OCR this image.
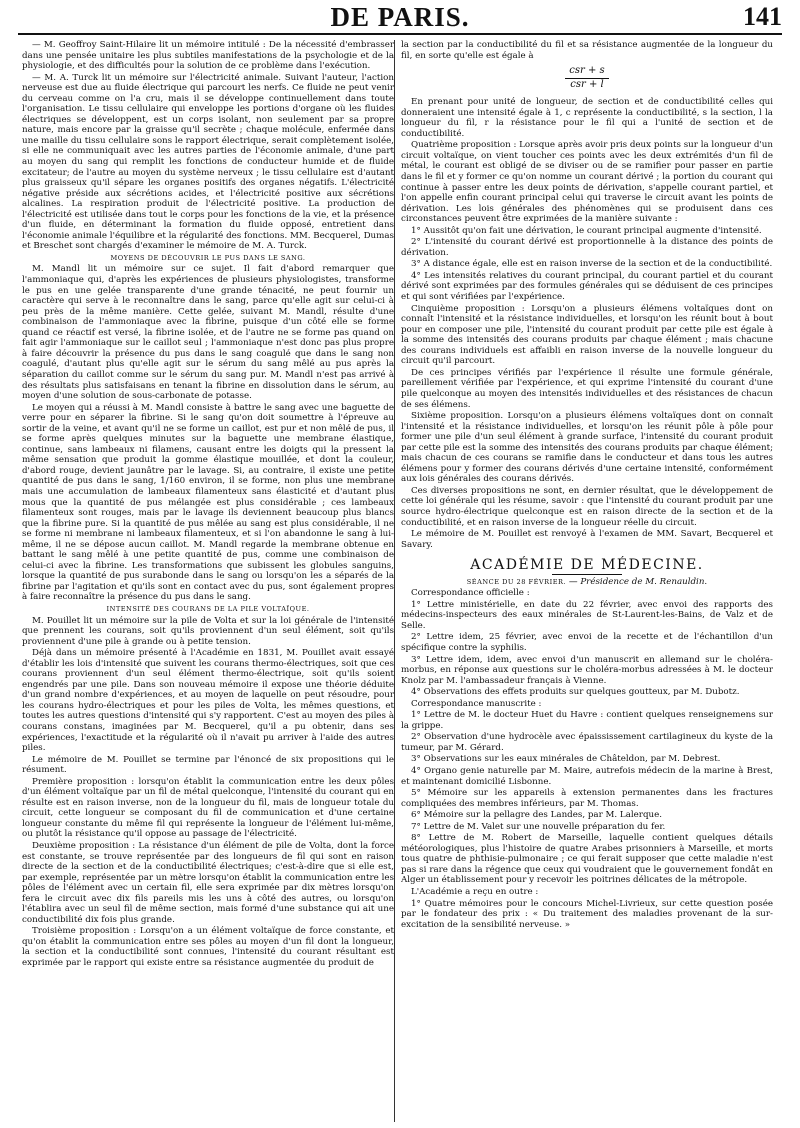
DE PARIS.	141

— M. Geoffroy Saint-Hilaire lit un mémoire intitulé : De la nécessité d'embrasser dans une pensée unitaire les plus subtiles manifestations de la psychologie et de la physiologie, et des difficultés pour la solution de ce problème dans l'exécution.

— M. A. Turck lit un mémoire sur l'électricité animale. Suivant l'auteur, l'action nerveuse est due au fluide électrique qui parcourt les nerfs. Ce fluide ne peut venir du cerveau comme on l'a cru, mais il se développe continuellement dans toute l'organisation. Le tissu cellulaire qui enveloppe les portions d'organe où les fluides électriques se développent, est un corps isolant, non seulement par sa propre nature, mais encore par la graisse qu'il secrète ; chaque molécule, enfermée dans une maille du tissu cellulaire sons le rapport électrique, serait complètement isolée, si elle ne communiquait avec les autres parties de l'économie animale, d'une part au moyen du sang qui remplit les fonctions de conducteur humide et de fluide excitateur; de l'autre au moyen du système nerveux ; le tissu cellulaire est d'autant plus graisseux qu'il sépare les organes positifs des organes négatifs. L'électricité négative préside aux sécrétions acides, et l'électricité positive aux sécrétions alcalines. La respiration produit de l'électricité positive. La production de l'électricité est utilisée dans tout le corps pour les fonctions de la vie, et la présence d'un fluide, en déterminant la formation du fluide opposé, entretient dans l'économie animale l'équilibre et la régularité des fonctions. MM. Becquerel, Dumas et Breschet sont chargés d'examiner le mémoire de M. A. Turck.

MOYENS DE DÉCOUVRIR LE PUS DANS LE SANG.

M. Mandl lit un mémoire sur ce sujet. Il fait d'abord remarquer que l'ammoniaque qui, d'après les expériences de plusieurs physiologistes, transforme le pus en une gelée transparente d'une grande ténacité, ne peut fournir un caractère qui serve à le reconnaître dans le sang, parce qu'elle agit sur celui-ci à peu près de la même manière. Cette gelée, suivant M. Mandl, résulte d'une combinaison de l'ammoniaque avec la fibrine, puisque d'un côté elle se forme quand ce réactif est versé, la fibrine isolée, et de l'autre ne se forme pas quand on fait agir l'ammoniaque sur le caillot seul ; l'ammoniaque n'est donc pas plus propre à faire découvrir la présence du pus dans le sang coagulé que dans le sang non coagulé, d'autant plus qu'elle agit sur le sérum du sang mêlé au pus après la séparation du caillot comme sur le sérum du sang pur. M. Mandl n'est pas arrivé à des résultats plus satisfaisans en tenant la fibrine en dissolution dans le sérum, au moyen d'une solution de sous-carbonate de potasse.

Le moyen qui a réussi à M. Mandl consiste à battre le sang avec une baguette de verre pour en séparer la fibrine. Si le sang qu'on doit soumettre à l'épreuve au sortir de la veine, et avant qu'il ne se forme un caillot, est pur et non mêlé de pus, il se forme après quelques minutes sur la baguette une membrane élastique, continue, sans lambeaux ni filamens, causant entre les doigts qui la pressent la même sensation que produit la gomme élastique mouillée, et dont la couleur, d'abord rouge, devient jaunâtre par le lavage. Si, au contraire, il existe une petite quantité de pus dans le sang, 1/160 environ, il se forme, non plus une membrane mais une accumulation de lambeaux filamenteux sans élasticité et d'autant plus mous que la quantité de pus mélangée est plus considérable ; ces lambeaux filamenteux sont rouges, mais par le lavage ils deviennent beaucoup plus blancs que la fibrine pure. Si la quantité de pus mêlée au sang est plus considérable, il ne se forme ni membrane ni lambeaux filamenteux, et si l'on abandonne le sang à lui-même, il ne se dépose aucun caillot. M. Mandl regarde la membrane obtenue en battant le sang mêlé à une petite quantité de pus, comme une combinaison de celui-ci avec la fibrine. Les transformations que subissent les globules sanguins, lorsque la quantité de pus surabonde dans le sang ou lorsqu'on les a séparés de la fibrine par l'agitation et qu'ils sont en contact avec du pus, sont également propres à faire reconnaître la présence du pus dans le sang.

INTENSITÉ DES COURANS DE LA PILE VOLTAÏQUE.

M. Pouillet lit un mémoire sur la pile de Volta et sur la loi générale de l'intensité que prennent les courans, soit qu'ils proviennent d'un seul élément, soit qu'ils proviennent d'une pile à grande ou à petite tension.

Déjà dans un mémoire présenté à l'Académie en 1831, M. Pouillet avait essayé d'établir les lois d'intensité que suivent les courans thermo-électriques, soit que ces courans proviennent d'un seul élément thermo-électrique, soit qu'ils soient engendrés par une pile. Dans son nouveau mémoire il expose une théorie déduite d'un grand nombre d'expériences, et au moyen de laquelle on peut résoudre, pour les courans hydro-électriques et pour les piles de Volta, les mêmes questions, et toutes les autres questions d'intensité qui s'y rapportent. C'est au moyen des piles à courans constans, imaginées par M. Becquerel, qu'il a pu obtenir, dans ses expériences, l'exactitude et la régularité où il n'avait pu arriver à l'aide des autres piles.

Le mémoire de M. Pouillet se termine par l'énoncé de six propositions qui le résument.

Première proposition : lorsqu'on établit la communication entre les deux pôles d'un élément voltaïque par un fil de métal quelconque, l'intensité du courant qui en résulte est en raison inverse, non de la longueur du fil, mais de longueur totale du circuit, cette longueur se composant du fil de communication et d'une certaine longueur constante du même fil qui représente la longueur de l'élément lui-même, ou plutôt la résistance qu'il oppose au passage de l'électricité.

Deuxième proposition : La résistance d'un élément de pile de Volta, dont la force est constante, se trouve représentée par des longueurs de fil qui sont en raison directe de la section et de la conductibilité électriques; c'est-à-dire que si elle est, par exemple, représentée par un mètre lorsqu'on établit la communication entre les pôles de l'élément avec un certain fil, elle sera exprimée par dix mètres lorsqu'on fera le circuit avec dix fils pareils mis les uns à côté des autres, ou lorsqu'on l'établira avec un seul fil de même section, mais formé d'une substance qui ait une conductibilité dix fois plus grande.

Troisième proposition : Lorsqu'on a un élément voltaïque de force constante, et qu'on établit la communication entre ses pôles au moyen d'un fil dont la longueur, la section et la conductibilité sont connues, l'intensité du courant résultant est exprimée par le rapport qui existe entre sa résistance augmentée du produit de

la section par la conductibilité du fil et sa résistance augmentée de la longueur du fil, en sorte qu'elle est égale à

$\frac{\text{csr + s}}{\text{csr + l}}$

En prenant pour unité de longueur, de section et de conductibilité celles qui donneraient une intensité égale à 1, c représente la conductibilité, s la section, l la longueur du fil, r la résistance pour le fil qui a l'unité de section et de conductibilité.

Quatrième proposition : Lorsque après avoir pris deux points sur la longueur d'un circuit voltaïque, on vient toucher ces points avec les deux extrémités d'un fil de métal, le courant est obligé de se diviser ou de se ramifier pour passer en partie dans le fil et y former ce qu'on nomme un courant dérivé ; la portion du courant qui continue à passer entre les deux points de dérivation, s'appelle courant partiel, et l'on appelle enfin courant principal celui qui traverse le circuit avant les points de dérivation. Les lois générales des phénomènes qui se produisent dans ces circonstances peuvent être exprimées de la manière suivante :

1° Aussitôt qu'on fait une dérivation, le courant principal augmente d'intensité.

2° L'intensité du courant dérivé est proportionnelle à la distance des points de dérivation.

3° A distance égale, elle est en raison inverse de la section et de la conductibilité.

4° Les intensités relatives du courant principal, du courant partiel et du courant dérivé sont exprimées par des formules générales qui se déduisent de ces principes et qui sont vérifiées par l'expérience.

Cinquième proposition : Lorsqu'on a plusieurs élémens voltaïques dont on connaît l'intensité et la résistance individuelles, et lorsqu'on les réunit bout à bout pour en composer une pile, l'intensité du courant produit par cette pile est égale à la somme des intensités des courans produits par chaque élément ; mais chacune des courans individuels est affaibli en raison inverse de la nouvelle longueur du circuit qu'il parcourt.

De ces principes vérifiés par l'expérience il résulte une formule générale, pareillement vérifiée par l'expérience, et qui exprime l'intensité du courant d'une pile quelconque au moyen des intensités individuelles et des résistances de chacun de ses élémens.

Sixième proposition. Lorsqu'on a plusieurs élémens voltaïques dont on connaît l'intensité et la résistance individuelles, et lorsqu'on les réunit pôle à pôle pour former une pile d'un seul élément à grande surface, l'intensité du courant produit par cette pile est la somme des intensités des courans produits par chaque élément; mais chacun de ces courans se ramifie dans le conducteur et dans tous les autres élémens pour y former des courans dérivés d'une certaine intensité, conformément aux lois générales des courans dérivés.

Ces diverses propositions ne sont, en dernier résultat, que le développement de cette loi générale qui les résume, savoir : que l'intensité du courant produit par une source hydro-électrique quelconque est en raison directe de la section et de la conductibilité, et en raison inverse de la longueur réelle du circuit.

Le mémoire de M. Pouillet est renvoyé à l'examen de MM. Savart, Becquerel et Savary.

ACADÉMIE DE MÉDECINE.

SÉANCE DU 28 FÉVRIER. — Présidence de M. Renauldin.

Correspondance officielle :

1° Lettre ministérielle, en date du 22 février, avec envoi des rapports des médecins-inspecteurs des eaux minérales de St-Laurent-les-Bains, de Valz et de Selle.

2° Lettre idem, 25 février, avec envoi de la recette et de l'échantillon d'un spécifique contre la syphilis.

3° Lettre idem, idem, avec envoi d'un manuscrit en allemand sur le choléra-morbus, en réponse aux questions sur le choléra-morbus adressées à M. le docteur Knolz par M. l'ambassadeur français à Vienne.

4° Observations des effets produits sur quelques goutteux, par M. Dubotz.

Correspondance manuscrite :

1° Lettre de M. le docteur Huet du Havre : contient quelques renseignemens sur la grippe.

2° Observation d'une hydrocèle avec épaississement cartilagineux du kyste de la tumeur, par M. Gérard.

3° Observations sur les eaux minérales de Châteldon, par M. Debrest.

4° Organo genie naturelle par M. Maire, autrefois médecin de la marine à Brest, et maintenant domicilié Lisbonne.

5° Mémoire sur les appareils à extension permanentes dans les fractures compliquées des membres inférieurs, par M. Thomas.

6° Mémoire sur la pellagre des Landes, par M. Lalerque.

7° Lettre de M. Valet sur une nouvelle préparation du fer.

8° Lettre de M. Robert de Marseille, laquelle contient quelques détails météorologiques, plus l'histoire de quatre Arabes prisonniers à Marseille, et morts tous quatre de phthisie-pulmonaire ; ce qui ferait supposer que cette maladie n'est pas si rare dans la régence que ceux qui voudraient que le gouvernement fondât en Alger un établissement pour y recevoir les poitrines délicates de la métropole.

L'Académie a reçu en outre :

1° Quatre mémoires pour le concours Michel-Livrieux, sur cette question posée par le fondateur des prix : « Du traitement des maladies provenant de la sur-excitation de la sensibilité nerveuse. »
